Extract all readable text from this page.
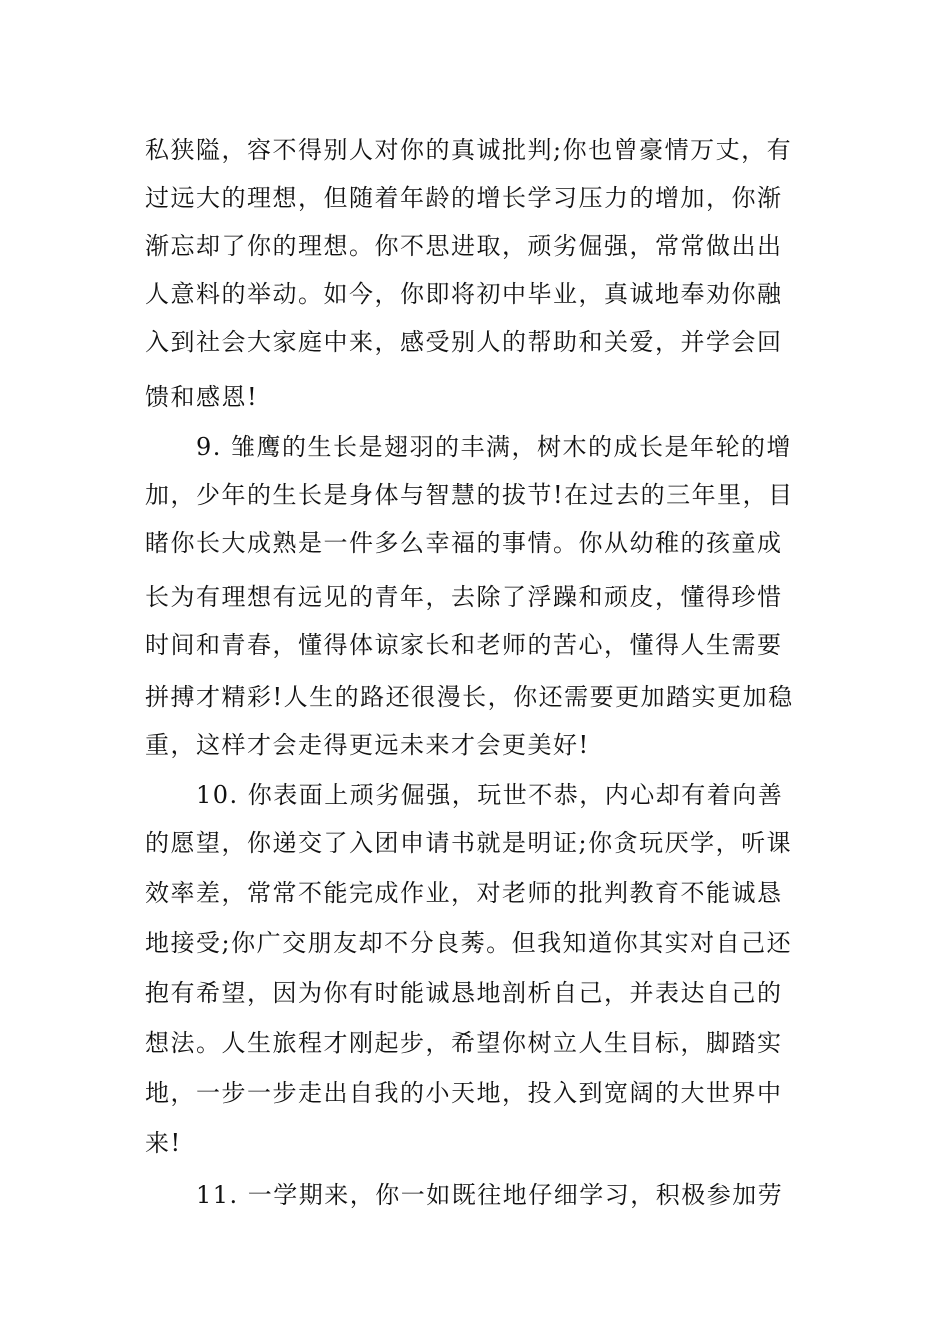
私狭隘，容不得别人对你的真诚批判;你也曾豪情万丈，有
过远大的理想，但随着年龄的增长学习压力的增加，你渐
渐忘却了你的理想。你不思进取，顽劣倔强，常常做出出
人意料的举动。如今，你即将初中毕业，真诚地奉劝你融
入到社会大家庭中来，感受别人的帮助和关爱，并学会回
馈和感恩!
9. 雏鹰的生长是翅羽的丰满，树木的成长是年轮的增
加，少年的生长是身体与智慧的拔节!在过去的三年里，目
睹你长大成熟是一件多么幸福的事情。你从幼稚的孩童成
长为有理想有远见的青年，去除了浮躁和顽皮，懂得珍惜
时间和青春，懂得体谅家长和老师的苦心，懂得人生需要
拼搏才精彩!人生的路还很漫长，你还需要更加踏实更加稳
重，这样才会走得更远未来才会更美好!
10. 你表面上顽劣倔强，玩世不恭，内心却有着向善
的愿望，你递交了入团申请书就是明证;你贪玩厌学，听课
效率差，常常不能完成作业，对老师的批判教育不能诚恳
地接受;你广交朋友却不分良莠。但我知道你其实对自己还
抱有希望，因为你有时能诚恳地剖析自己，并表达自己的
想法。人生旅程才刚起步，希望你树立人生目标，脚踏实
地，一步一步走出自我的小天地，投入到宽阔的大世界中
来!
11. 一学期来，你一如既往地仔细学习，积极参加劳
